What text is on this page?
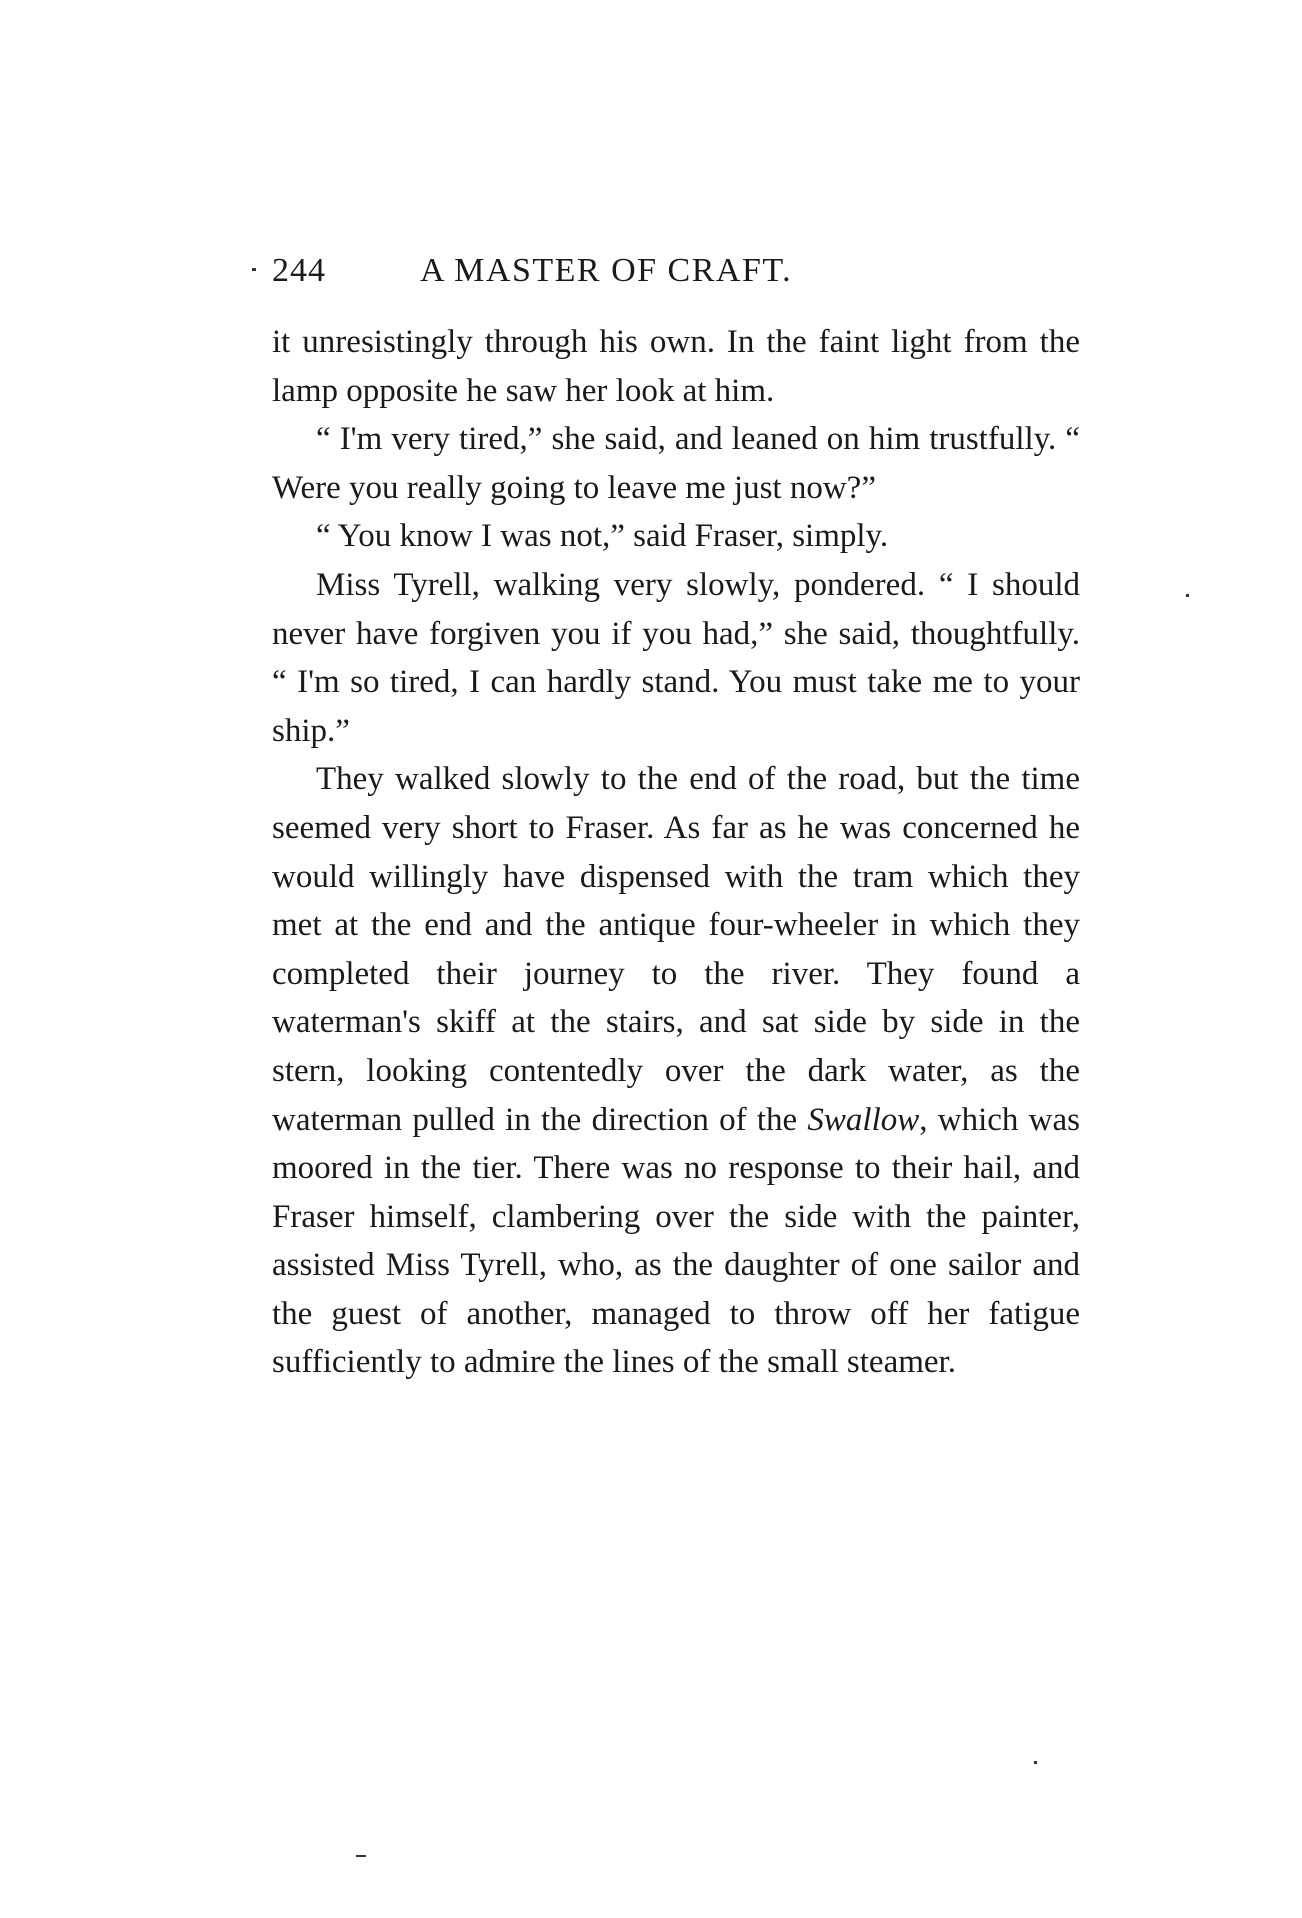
244	A MASTER OF CRAFT.

it unresistingly through his own. In the faint light from the lamp opposite he saw her look at him.

“ I'm very tired,” she said, and leaned on him trustfully. “ Were you really going to leave me just now?”

“ You know I was not,” said Fraser, simply.

Miss Tyrell, walking very slowly, pondered. “ I should never have forgiven you if you had,” she said, thoughtfully. “ I'm so tired, I can hardly stand. You must take me to your ship.”

They walked slowly to the end of the road, but the time seemed very short to Fraser. As far as he was concerned he would willingly have dispensed with the tram which they met at the end and the antique four-wheeler in which they completed their journey to the river. They found a waterman's skiff at the stairs, and sat side by side in the stern, looking contentedly over the dark water, as the waterman pulled in the direction of the Swallow, which was moored in the tier. There was no response to their hail, and Fraser himself, clambering over the side with the painter, assisted Miss Tyrell, who, as the daughter of one sailor and the guest of another, managed to throw off her fatigue sufficiently to admire the lines of the small steamer.
